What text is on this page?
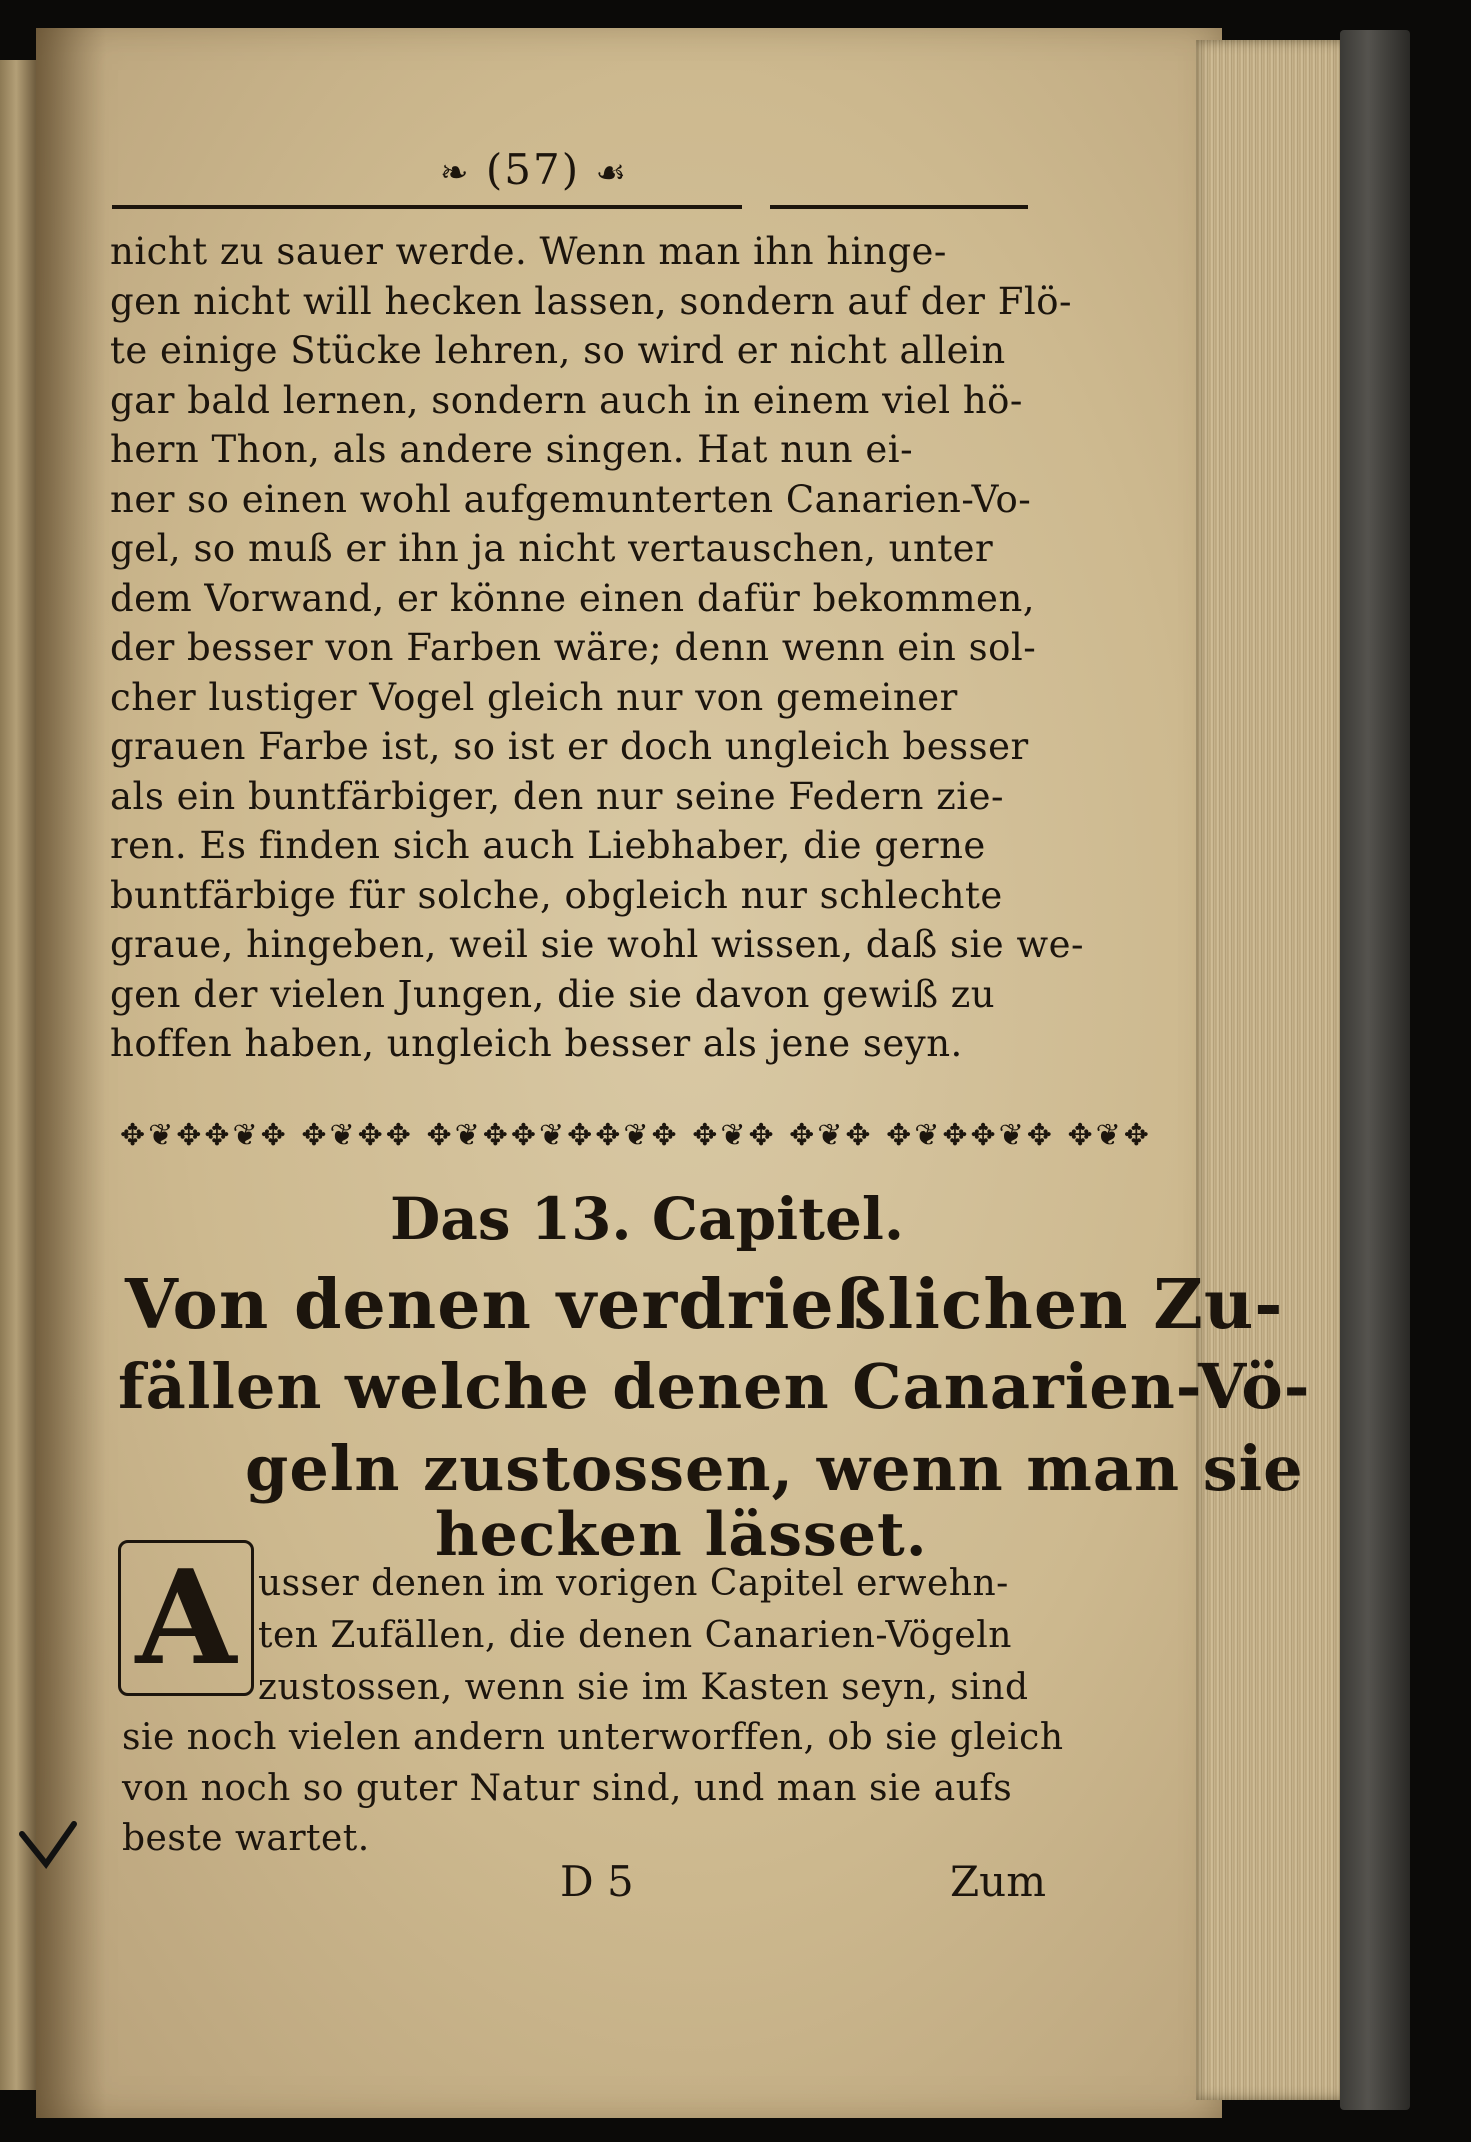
❧ (57) ☙
nicht zu sauer werde. Wenn man ihn hinge-
gen nicht will hecken lassen, sondern auf der Flö-
te einige Stücke lehren, so wird er nicht allein
gar bald lernen, sondern auch in einem viel hö-
hern Thon, als andere singen. Hat nun ei-
ner so einen wohl aufgemunterten Canarien-Vo-
gel, so muß er ihn ja nicht vertauschen, unter
dem Vorwand, er könne einen dafür bekommen,
der besser von Farben wäre; denn wenn ein sol-
cher lustiger Vogel gleich nur von gemeiner
grauen Farbe ist, so ist er doch ungleich besser
als ein buntfärbiger, den nur seine Federn zie-
ren. Es finden sich auch Liebhaber, die gerne
buntfärbige für solche, obgleich nur schlechte
graue, hingeben, weil sie wohl wissen, daß sie we-
gen der vielen Jungen, die sie davon gewiß zu
hoffen haben, ungleich besser als jene seyn.
✥❦✥✥❦✥ ✥❦✥✥ ✥❦✥✥❦✥✥❦✥ ✥❦✥ ✥❦✥ ✥❦✥✥❦✥ ✥❦✥
Das 13. Capitel.
Von denen verdrießlichen Zu-
fällen welche denen Canarien-Vö-
geln zustossen, wenn man sie
hecken lässet.
A usser denen im vorigen Capitel erwehn-
ten Zufällen, die denen Canarien-Vögeln
zustossen, wenn sie im Kasten seyn, sind
sie noch vielen andern unterworffen, ob sie gleich
von noch so guter Natur sind, und man sie aufs
beste wartet.
D 5	Zum
